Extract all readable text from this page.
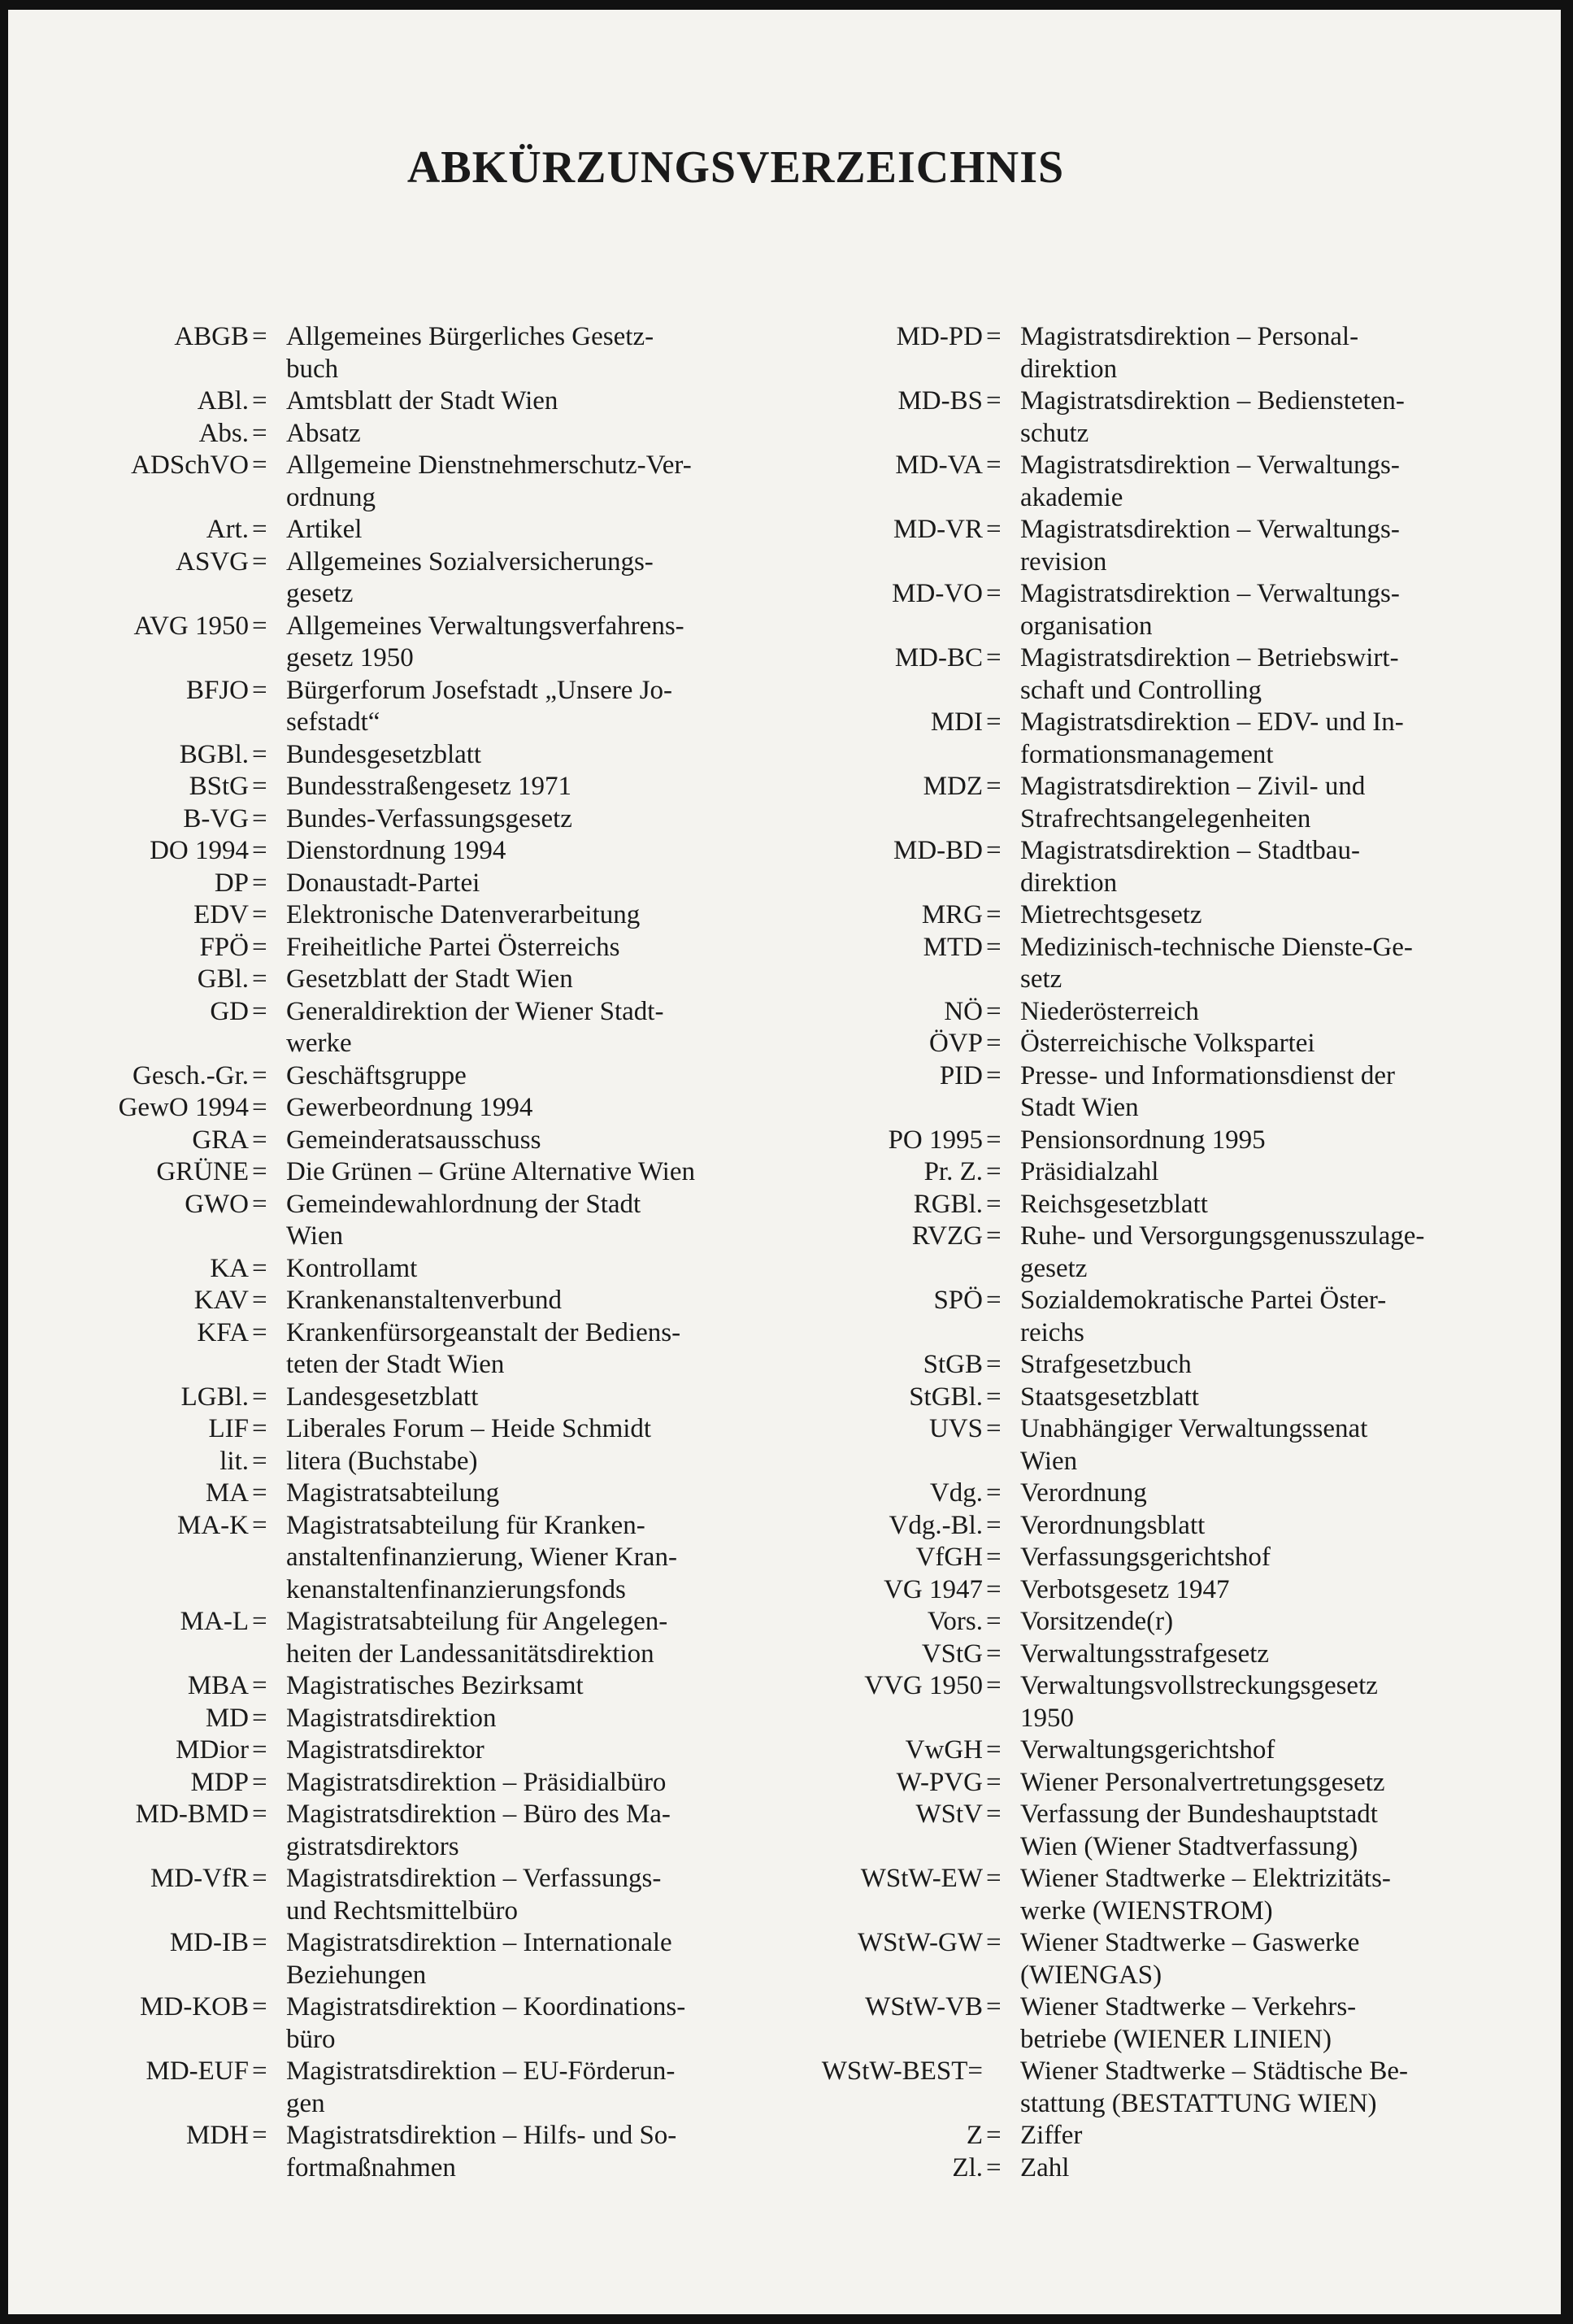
ABKÜRZUNGSVERZEICHNIS
ABGB = Allgemeines Bürgerliches Gesetz-
buch
ABl. = Amtsblatt der Stadt Wien
Abs. = Absatz
ADSchVO = Allgemeine Dienstnehmerschutz-Ver-
ordnung
Art. = Artikel
ASVG = Allgemeines Sozialversicherungs-
gesetz
AVG 1950 = Allgemeines Verwaltungsverfahrens-
gesetz 1950
BFJO = Bürgerforum Josefstadt „Unsere Jo-
sefstadt“
BGBl. = Bundesgesetzblatt
BStG = Bundesstraßengesetz 1971
B-VG = Bundes-Verfassungsgesetz
DO 1994 = Dienstordnung 1994
DP = Donaustadt-Partei
EDV = Elektronische Datenverarbeitung
FPÖ = Freiheitliche Partei Österreichs
GBl. = Gesetzblatt der Stadt Wien
GD = Generaldirektion der Wiener Stadt-
werke
Gesch.-Gr. = Geschäftsgruppe
GewO 1994 = Gewerbeordnung 1994
GRA = Gemeinderatsausschuss
GRÜNE = Die Grünen – Grüne Alternative Wien
GWO = Gemeindewahlordnung der Stadt
Wien
KA = Kontrollamt
KAV = Krankenanstaltenverbund
KFA = Krankenfürsorgeanstalt der Bediens-
teten der Stadt Wien
LGBl. = Landesgesetzblatt
LIF = Liberales Forum – Heide Schmidt
lit. = litera (Buchstabe)
MA = Magistratsabteilung
MA-K = Magistratsabteilung für Kranken-
anstaltenfinanzierung, Wiener Kran-
kenanstaltenfinanzierungsfonds
MA-L = Magistratsabteilung für Angelegen-
heiten der Landessanitätsdirektion
MBA = Magistratisches Bezirksamt
MD = Magistratsdirektion
MDior = Magistratsdirektor
MDP = Magistratsdirektion – Präsidialbüro
MD-BMD = Magistratsdirektion – Büro des Ma-
gistratsdirektors
MD-VfR = Magistratsdirektion – Verfassungs-
und Rechtsmittelbüro
MD-IB = Magistratsdirektion – Internationale
Beziehungen
MD-KOB = Magistratsdirektion – Koordinations-
büro
MD-EUF = Magistratsdirektion – EU-Förderun-
gen
MDH = Magistratsdirektion – Hilfs- und So-
fortmaßnahmen
MD-PD = Magistratsdirektion – Personal-
direktion
MD-BS = Magistratsdirektion – Bediensteten-
schutz
MD-VA = Magistratsdirektion – Verwaltungs-
akademie
MD-VR = Magistratsdirektion – Verwaltungs-
revision
MD-VO = Magistratsdirektion – Verwaltungs-
organisation
MD-BC = Magistratsdirektion – Betriebswirt-
schaft und Controlling
MDI = Magistratsdirektion – EDV- und In-
formationsmanagement
MDZ = Magistratsdirektion – Zivil- und
Strafrechtsangelegenheiten
MD-BD = Magistratsdirektion – Stadtbau-
direktion
MRG = Mietrechtsgesetz
MTD = Medizinisch-technische Dienste-Ge-
setz
NÖ = Niederösterreich
ÖVP = Österreichische Volkspartei
PID = Presse- und Informationsdienst der
Stadt Wien
PO 1995 = Pensionsordnung 1995
Pr. Z. = Präsidialzahl
RGBl. = Reichsgesetzblatt
RVZG = Ruhe- und Versorgungsgenusszulage-
gesetz
SPÖ = Sozialdemokratische Partei Öster-
reichs
StGB = Strafgesetzbuch
StGBl. = Staatsgesetzblatt
UVS = Unabhängiger Verwaltungssenat
Wien
Vdg. = Verordnung
Vdg.-Bl. = Verordnungsblatt
VfGH = Verfassungsgerichtshof
VG 1947 = Verbotsgesetz 1947
Vors. = Vorsitzende(r)
VStG = Verwaltungsstrafgesetz
VVG 1950 = Verwaltungsvollstreckungsgesetz
1950
VwGH = Verwaltungsgerichtshof
W-PVG = Wiener Personalvertretungsgesetz
WStV = Verfassung der Bundeshauptstadt
Wien (Wiener Stadtverfassung)
WStW-EW = Wiener Stadtwerke – Elektrizitäts-
werke (WIENSTROM)
WStW-GW = Wiener Stadtwerke – Gaswerke
(WIENGAS)
WStW-VB = Wiener Stadtwerke – Verkehrs-
betriebe (WIENER LINIEN)
WStW-BEST=	Wiener Stadtwerke – Städtische Be-
stattung (BESTATTUNG WIEN)
Z = Ziffer
Zl. = Zahl
